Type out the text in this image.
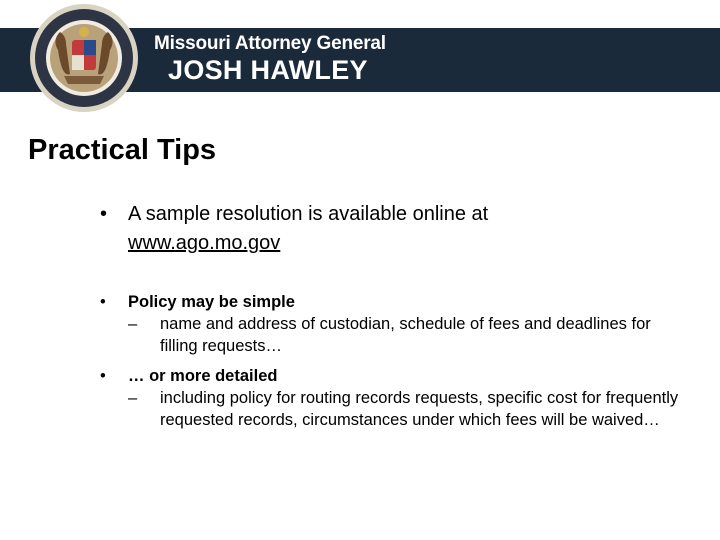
Missouri Attorney General
JOSH HAWLEY
Practical Tips
• A sample resolution is available online at
www.ago.mo.gov
• Policy may be simple
– name and address of custodian, schedule of fees and deadlines for filling requests…
• … or more detailed
– including policy for routing records requests, specific cost for frequently requested records, circumstances under which fees will be waived…
